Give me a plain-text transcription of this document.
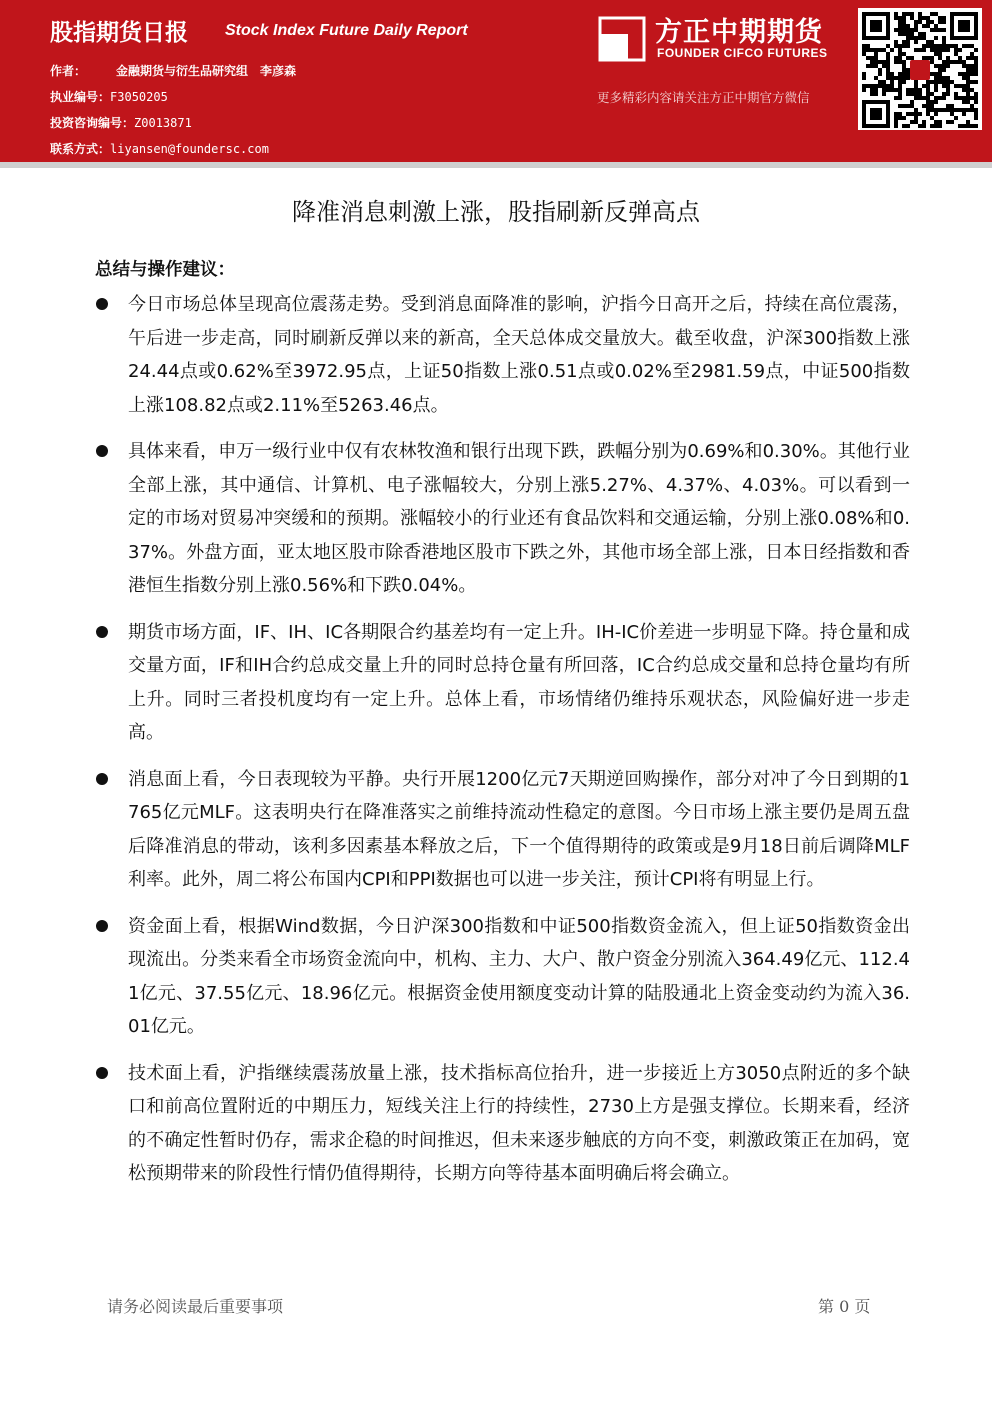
股指期货日报 Stock Index Future Daily Report
作者：	金融期货与衍生品研究组 李彦森
执业编号：F3050205
投资咨询编号：Z0013871
联系方式：liyansen@foundersc.com
方正中期期货
FOUNDER CIFCO FUTURES
更多精彩内容请关注方正中期官方微信
降准消息刺激上涨，股指刷新反弹高点
总结与操作建议：
今日市场总体呈现高位震荡走势。受到消息面降准的影响，沪指今日高开之后，持续在高位震荡，午后进一步走高，同时刷新反弹以来的新高，全天总体成交量放大。截至收盘，沪深300指数上涨24.44点或0.62%至3972.95点，上证50指数上涨0.51点或0.02%至2981.59点，中证500指数上涨108.82点或2.11%至5263.46点。
具体来看，申万一级行业中仅有农林牧渔和银行出现下跌，跌幅分别为0.69%和0.30%。其他行业全部上涨，其中通信、计算机、电子涨幅较大，分别上涨5.27%、4.37%、4.03%。可以看到一定的市场对贸易冲突缓和的预期。涨幅较小的行业还有食品饮料和交通运输，分别上涨0.08%和0.37%。外盘方面，亚太地区股市除香港地区股市下跌之外，其他市场全部上涨，日本日经指数和香港恒生指数分别上涨0.56%和下跌0.04%。
期货市场方面，IF、IH、IC各期限合约基差均有一定上升。IH-IC价差进一步明显下降。持仓量和成交量方面，IF和IH合约总成交量上升的同时总持仓量有所回落，IC合约总成交量和总持仓量均有所上升。同时三者投机度均有一定上升。总体上看，市场情绪仍维持乐观状态，风险偏好进一步走高。
消息面上看，今日表现较为平静。央行开展1200亿元7天期逆回购操作，部分对冲了今日到期的1765亿元MLF。这表明央行在降准落实之前维持流动性稳定的意图。今日市场上涨主要仍是周五盘后降准消息的带动，该利多因素基本释放之后，下一个值得期待的政策或是9月18日前后调降MLF利率。此外，周二将公布国内CPI和PPI数据也可以进一步关注，预计CPI将有明显上行。
资金面上看，根据Wind数据，今日沪深300指数和中证500指数资金流入，但上证50指数资金出现流出。分类来看全市场资金流向中，机构、主力、大户、散户资金分别流入364.49亿元、112.41亿元、37.55亿元、18.96亿元。根据资金使用额度变动计算的陆股通北上资金变动约为流入36.01亿元。
技术面上看，沪指继续震荡放量上涨，技术指标高位抬升，进一步接近上方3050点附近的多个缺口和前高位置附近的中期压力，短线关注上行的持续性，2730上方是强支撑位。长期来看，经济的不确定性暂时仍存，需求企稳的时间推迟，但未来逐步触底的方向不变，刺激政策正在加码，宽松预期带来的阶段性行情仍值得期待，长期方向等待基本面明确后将会确立。
请务必阅读最后重要事项	第 0 页
